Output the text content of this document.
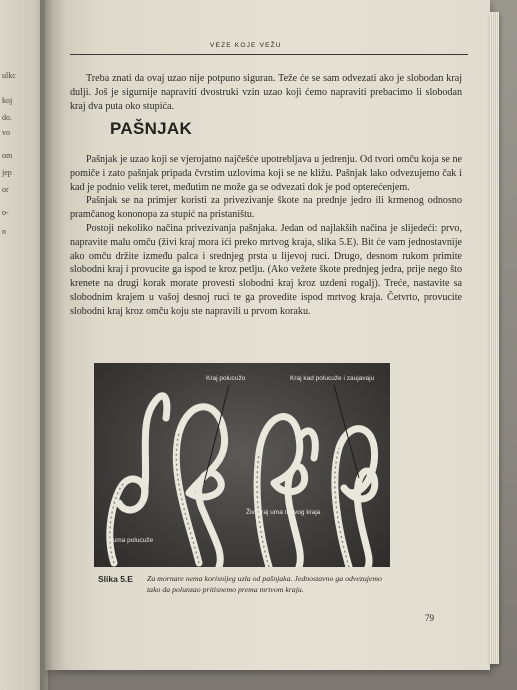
ulkc
koj
do.
vo
om
jep
or
o-
n
VEZE KOJE VEŽU

Treba znati da ovaj uzao nije potpuno siguran. Teže će se sam odvezati ako je slobodan kraj dulji. Još je sigurnije napraviti dvostruki vzin uzao koji ćemo napraviti prebacimo li slobodan kraj dva puta oko stupića.

PAŠNJAK

Pašnjak je uzao koji se vjerojatno najčešće upotrebljava u jedrenju. Od tvori omču koja se ne pomiče i zato pašnjak pripada čvrstim uzlovima koji se ne kližu. Pašnjak lako odvezujemo čak i kad je podnio velik teret, međutim ne može ga se odvezati dok je pod opterećenjem.

Pašnjak se na primjer koristi za privezivanje škote na prednje jedro ili krmenog odnosno pramčanog kononopa za stupić na pristaništu.

Postoji nekoliko načina privezivanja pašnjaka. Jedan od najlakših načina je slijedeći: prvo, napravite malu omču (živi kraj mora ići preko mrtvog kraja, slika 5.E). Bit će vam jednostavnije ako omču držite između palca i srednjeg prsta u lijevoj ruci. Drugo, desnom rukom primite slobodni kraj i provucite ga ispod te kroz petlju. (Ako vežete škote prednjeg jedra, prije nego što krenete na drugi korak morate provesti slobodni kraj kroz uzdeni rogalj). Treće, nastavite sa slobodnim krajem u vašoj desnoj ruci te ga provedite ispod mrtvog kraja. Četvrto, provucite slobodni kraj kroz omču koju ste napravili u prvom koraku.

Kraj polucužo	Kraj kad polucuže i zaujavaju
Živi kraj uma mrtvog kraja
Ćuma polucuže
Slika 5.E Za mornare nema korisnijeg uzla od pašnjaka. Jednostavno ga odvezujemo tako da polunzao pritisnemo prema mrtvom kraju.
79
